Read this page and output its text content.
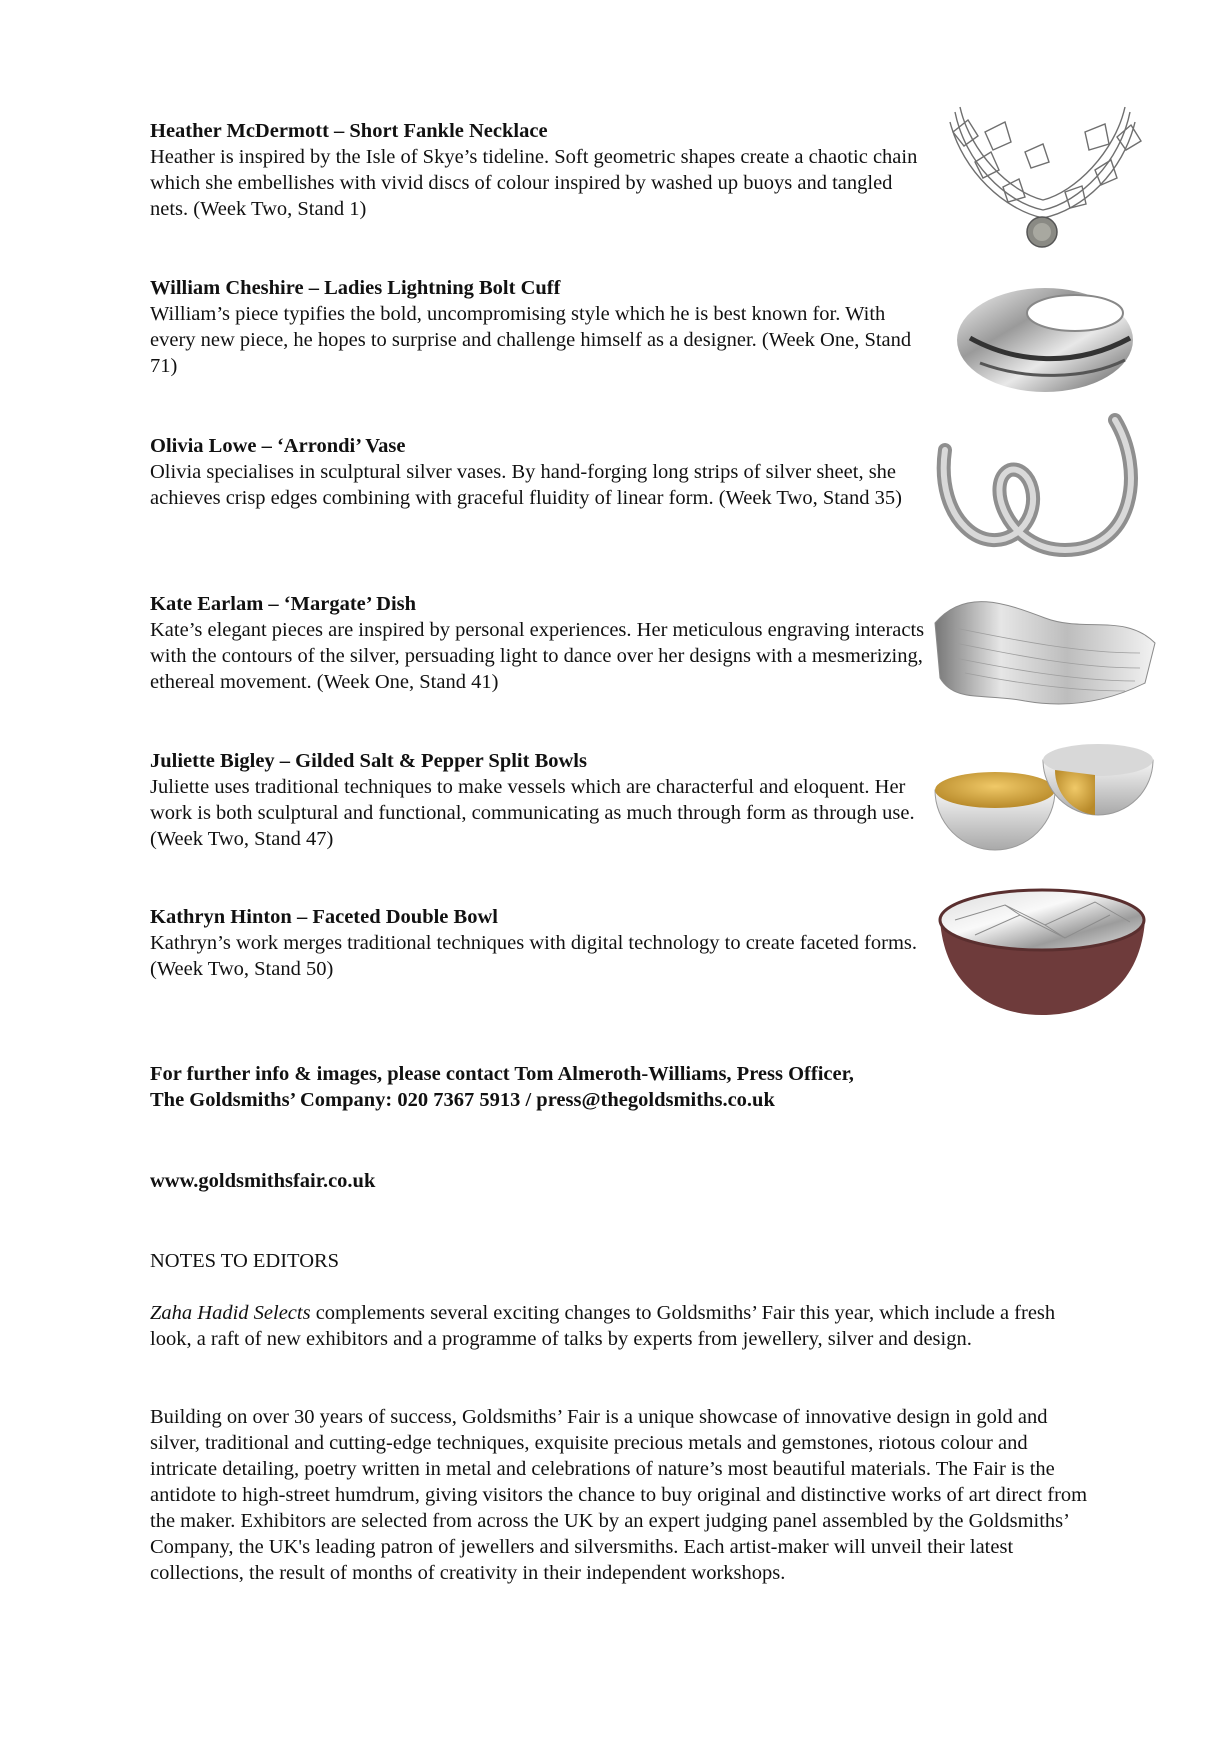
Heather McDermott – Short Fankle Necklace

Heather is inspired by the Isle of Skye’s tideline. Soft geometric shapes create a chaotic chain which she embellishes with vivid discs of colour inspired by washed up buoys and tangled nets. (Week Two, Stand 1)

William Cheshire – Ladies Lightning Bolt Cuff

William’s piece typifies the bold, uncompromising style which he is best known for. With every new piece, he hopes to surprise and challenge himself as a designer. (Week One, Stand 71)

Olivia Lowe – ‘Arrondi’ Vase

Olivia specialises in sculptural silver vases. By hand-forging long strips of silver sheet, she achieves crisp edges combining with graceful fluidity of linear form. (Week Two, Stand 35)

Kate Earlam – ‘Margate’ Dish

Kate’s elegant pieces are inspired by personal experiences. Her meticulous engraving interacts with the contours of the silver, persuading light to dance over her designs with a mesmerizing, ethereal movement. (Week One, Stand 41)

Juliette Bigley – Gilded Salt & Pepper Split Bowls

Juliette uses traditional techniques to make vessels which are characterful and eloquent. Her work is both sculptural and functional, communicating as much through form as through use. (Week Two, Stand 47)

Kathryn Hinton – Faceted Double Bowl

Kathryn’s work merges traditional techniques with digital technology to create faceted forms. (Week Two, Stand 50)

For further info & images, please contact Tom Almeroth-Williams, Press Officer,
The Goldsmiths’ Company: 020 7367 5913 / press@thegoldsmiths.co.uk

www.goldsmithsfair.co.uk
NOTES TO EDITORS

Zaha Hadid Selects complements several exciting changes to Goldsmiths’ Fair this year, which include a fresh look, a raft of new exhibitors and a programme of talks by experts from jewellery, silver and design.

Building on over 30 years of success, Goldsmiths’ Fair is a unique showcase of innovative design in gold and silver, traditional and cutting-edge techniques, exquisite precious metals and gemstones, riotous colour and intricate detailing, poetry written in metal and celebrations of nature’s most beautiful materials. The Fair is the antidote to high-street humdrum, giving visitors the chance to buy original and distinctive works of art direct from the maker. Exhibitors are selected from across the UK by an expert judging panel assembled by the Goldsmiths’ Company, the UK's leading patron of jewellers and silversmiths. Each artist-maker will unveil their latest collections, the result of months of creativity in their independent workshops.
